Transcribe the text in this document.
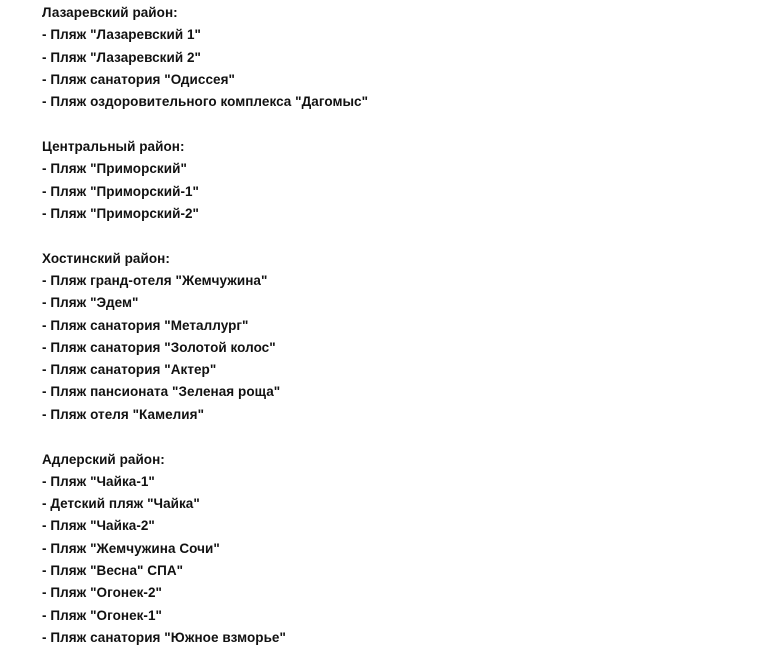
Лазаревский район:
- Пляж "Лазаревский 1"
- Пляж "Лазаревский 2"
- Пляж санатория "Одиссея"
- Пляж оздоровительного комплекса "Дагомыс"
Центральный район:
- Пляж "Приморский"
- Пляж "Приморский-1"
- Пляж "Приморский-2"
Хостинский район:
- Пляж гранд-отеля "Жемчужина"
- Пляж "Эдем"
- Пляж санатория "Металлург"
- Пляж санатория "Золотой колос"
- Пляж санатория "Актер"
- Пляж пансионата "Зеленая роща"
- Пляж отеля "Камелия"
Адлерский район:
- Пляж "Чайка-1"
- Детский пляж "Чайка"
- Пляж "Чайка-2"
- Пляж "Жемчужина Сочи"
- Пляж "Весна" СПА"
- Пляж "Огонек-2"
- Пляж "Огонек-1"
- Пляж санатория "Южное взморье"
